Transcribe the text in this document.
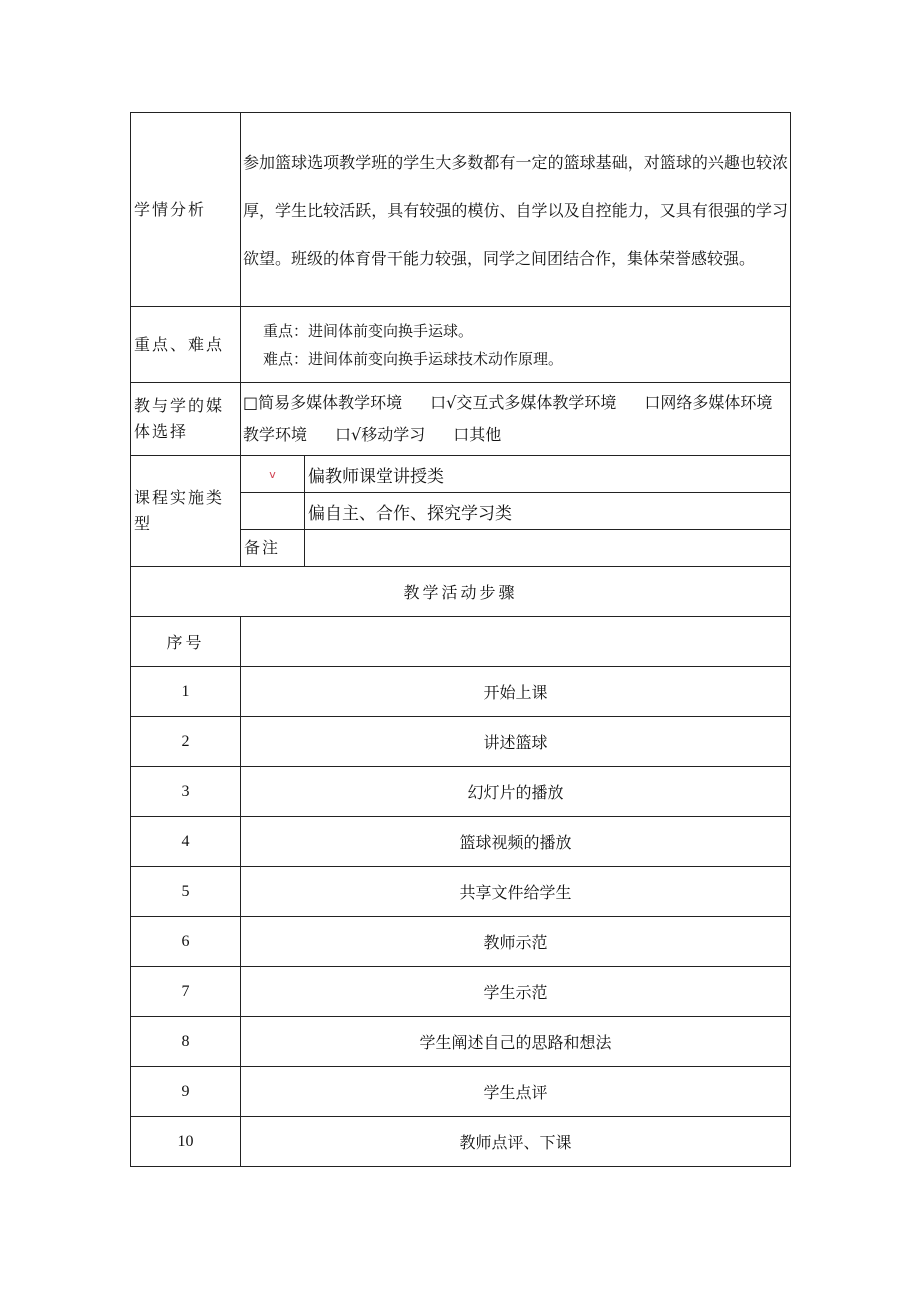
学情分析	参加篮球选项教学班的学生大多数都有一定的篮球基础，对篮球的兴趣也较浓厚，学生比较活跃，具有较强的模仿、自学以及自控能力，又具有很强的学习欲望。班级的体育骨干能力较强，同学之间团结合作，集体荣誉感较强。	
重点、难点	重点：进间体前变向换手运球。
难点：进间体前变向换手运球技术动作原理。	

教与学的媒体选择	□简易多媒体教学环境 口√交互式多媒体教学环境 口网络多媒体环境教学环境 口√移动学习 口其他	
课程实施类型	v	偏教师课堂讲授类
		偏自主、合作、探究学习类
	备注	
教学活动步骤		
序号		
1	开始上课	
2	讲述篮球	
3	幻灯片的播放	
4	篮球视频的播放	
5	共享文件给学生	
6	教师示范	
7	学生示范	
8	学生阐述自己的思路和想法	
9	学生点评	
10	教师点评、下课	
